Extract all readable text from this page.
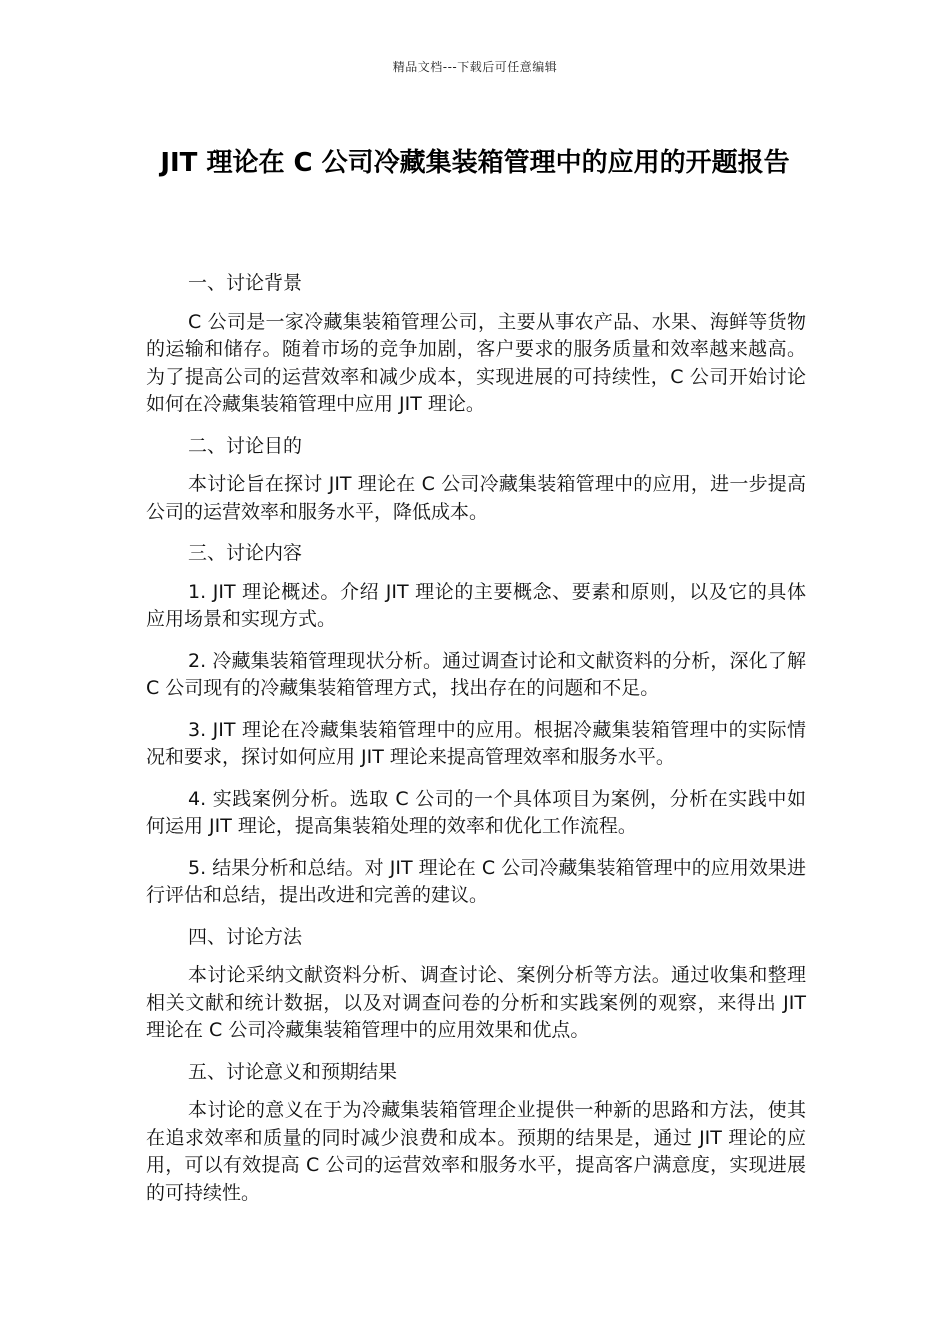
精品文档---下载后可任意编辑
JIT 理论在 C 公司冷藏集装箱管理中的应用的开题报告

一、讨论背景

C 公司是一家冷藏集装箱管理公司，主要从事农产品、水果、海鲜等货物的运输和储存。随着市场的竞争加剧，客户要求的服务质量和效率越来越高。为了提高公司的运营效率和减少成本，实现进展的可持续性，C 公司开始讨论如何在冷藏集装箱管理中应用 JIT 理论。

二、讨论目的

本讨论旨在探讨 JIT 理论在 C 公司冷藏集装箱管理中的应用，进一步提高公司的运营效率和服务水平，降低成本。

三、讨论内容

1. JIT 理论概述。介绍 JIT 理论的主要概念、要素和原则，以及它的具体应用场景和实现方式。

2. 冷藏集装箱管理现状分析。通过调查讨论和文献资料的分析，深化了解 C 公司现有的冷藏集装箱管理方式，找出存在的问题和不足。

3. JIT 理论在冷藏集装箱管理中的应用。根据冷藏集装箱管理中的实际情况和要求，探讨如何应用 JIT 理论来提高管理效率和服务水平。

4. 实践案例分析。选取 C 公司的一个具体项目为案例，分析在实践中如何运用 JIT 理论，提高集装箱处理的效率和优化工作流程。

5. 结果分析和总结。对 JIT 理论在 C 公司冷藏集装箱管理中的应用效果进行评估和总结，提出改进和完善的建议。

四、讨论方法

本讨论采纳文献资料分析、调查讨论、案例分析等方法。通过收集和整理相关文献和统计数据，以及对调查问卷的分析和实践案例的观察，来得出 JIT 理论在 C 公司冷藏集装箱管理中的应用效果和优点。

五、讨论意义和预期结果

本讨论的意义在于为冷藏集装箱管理企业提供一种新的思路和方法，使其在追求效率和质量的同时减少浪费和成本。预期的结果是，通过 JIT 理论的应用，可以有效提高 C 公司的运营效率和服务水平，提高客户满意度，实现进展的可持续性。
